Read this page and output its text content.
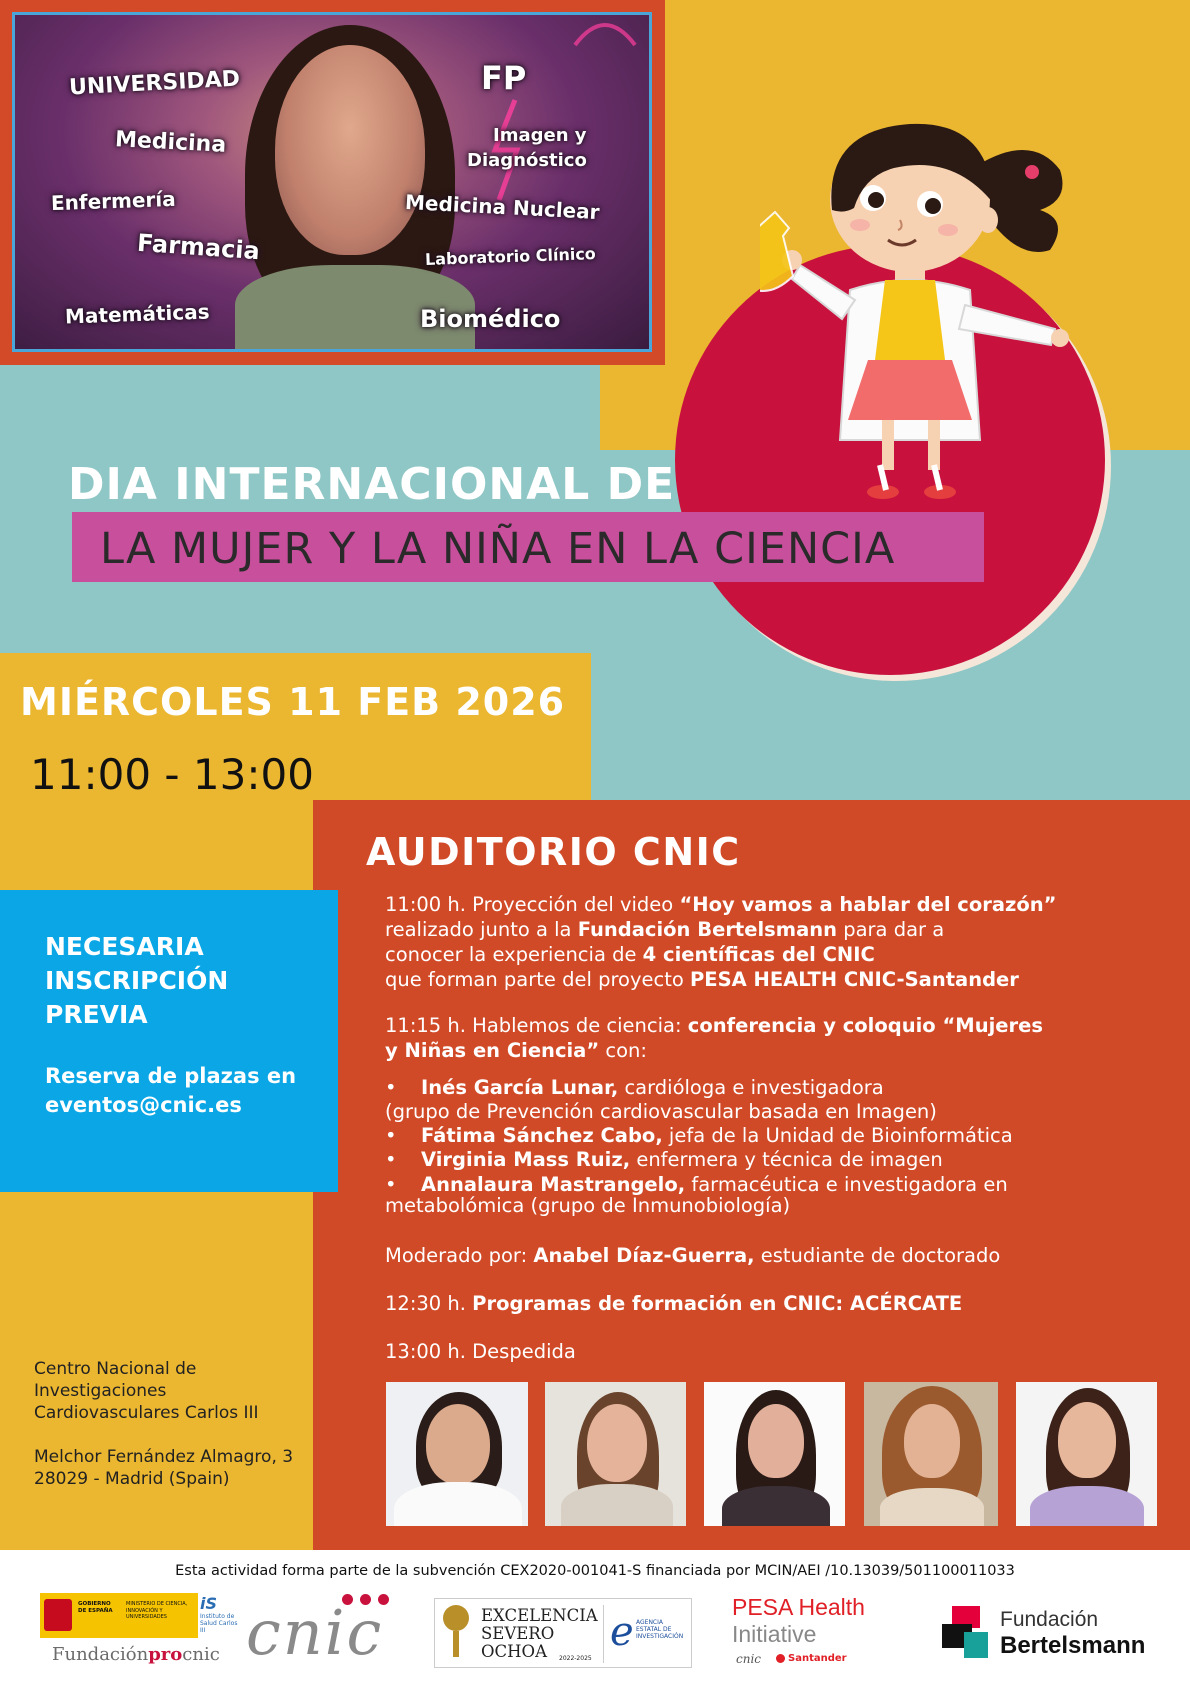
UNIVERSIDAD
Medicina
Enfermería
Farmacia
Matemáticas
FP
Imagen y
Diagnóstico
Medicina Nuclear
Laboratorio Clínico
Biomédico
DIA INTERNACIONAL DE
LA MUJER Y LA NIÑA EN LA CIENCIA
MIÉRCOLES 11 FEB 2026
11:00 - 13:00
AUDITORIO CNIC
11:00 h. Proyección del video “Hoy vamos a hablar del corazón”
realizado junto a la Fundación Bertelsmann para dar a
conocer la experiencia de 4 científicas del CNIC
que forman parte del proyecto PESA HEALTH CNIC-Santander
11:15 h. Hablemos de ciencia: conferencia y coloquio “Mujeres
y Niñas en Ciencia” con:
• Inés García Lunar, cardióloga e investigadora
(grupo de Prevención cardiovascular basada en Imagen)
• Fátima Sánchez Cabo, jefa de la Unidad de Bioinformática
• Virginia Mass Ruiz, enfermera y técnica de imagen
• Annalaura Mastrangelo, farmacéutica e investigadora en
metabolómica (grupo de Inmunobiología)
Moderado por: Anabel Díaz-Guerra, estudiante de doctorado
12:30 h. Programas de formación en CNIC: ACÉRCATE
13:00 h. Despedida
NECESARIA
INSCRIPCIÓN
PREVIA
Reserva de plazas en
eventos@cnic.es
Centro Nacional de
Investigaciones
Cardiovasculares Carlos III
Melchor Fernández Almagro, 3
28029 - Madrid (Spain)
Esta actividad forma parte de la subvención CEX2020-001041-S financiada por MCIN/AEI /10.13039/501100011033
GOBIERNO DE ESPAÑA
MINISTERIO DE CIENCIA, INNOVACIÓN Y UNIVERSIDADES
iS
Instituto de Salud Carlos III
Fundaciónprocnic cnic	EXCELENCIA
SEVERO
OCHOA	2022-2025
e AGENCIA ESTATAL DE INVESTIGACIÓN
PESA Health
Initiative
cnic	Santander
Fundación
Bertelsmann
